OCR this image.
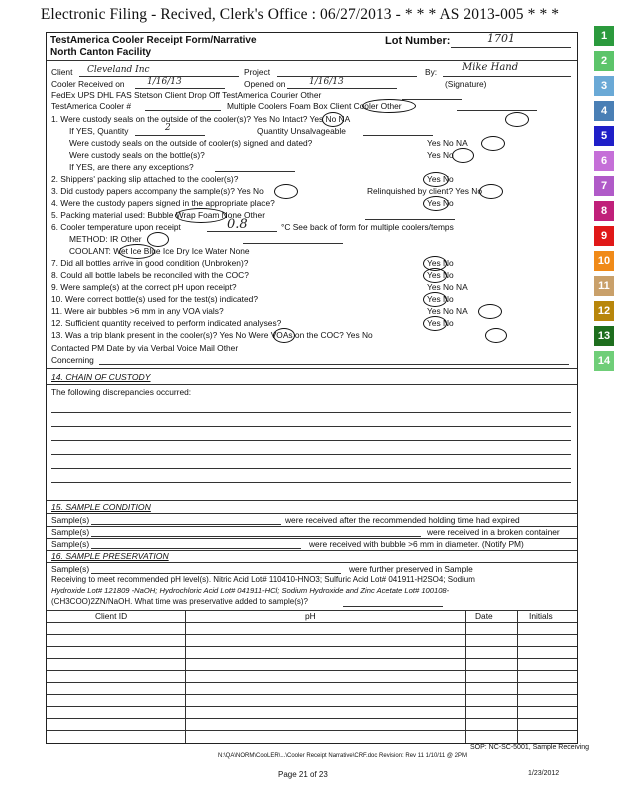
Electronic Filing - Recived, Clerk's Office : 06/27/2013 - * * * AS 2013-005 * * *
TestAmerica Cooler Receipt Form/Narrative
North Canton Facility
Lot Number:	1701
Client Cleveland Inc	Project	By: Mike Hand
Cooler Received on 1/16/13	Opened on	1/16/13	(Signature)
FedEx UPS DHL FAS Stetson Client Drop Off TestAmerica Courier Other
TestAmerica Cooler #	Multiple Coolers Foam Box Client Cooler Other
1. Were custody seals on the outside of the cooler(s)? Yes No Intact? Yes No NA
If YES, Quantity	2	Quantity Unsalvageable
Were custody seals on the outside of cooler(s) signed and dated?	Yes No NA
Were custody seals on the bottle(s)?	Yes No
If YES, are there any exceptions?
2. Shippers' packing slip attached to the cooler(s)?	Yes No
3. Did custody papers accompany the sample(s)? Yes No	Relinquished by client? Yes No
4. Were the custody papers signed in the appropriate place?	Yes No
5. Packing material used: Bubble Wrap Foam None Other
6. Cooler temperature upon receipt	0.8	°C See back of form for multiple coolers/temps
METHOD: IR Other
COOLANT: Wet Ice Blue Ice Dry Ice Water None
7. Did all bottles arrive in good condition (Unbroken)?	Yes No
8. Could all bottle labels be reconciled with the COC?	Yes No
9. Were sample(s) at the correct pH upon receipt?	Yes No NA
10. Were correct bottle(s) used for the test(s) indicated?	Yes No
11. Were air bubbles >6 mm in any VOA vials?	Yes No NA
12. Sufficient quantity received to perform indicated analyses?	Yes No
13. Was a trip blank present in the cooler(s)? Yes No Were VOAs on the COC? Yes No
Contacted PM Date by via Verbal Voice Mail Other
Concerning
14. CHAIN OF CUSTODY
The following discrepancies occurred:
15. SAMPLE CONDITION
Sample(s)	were received after the recommended holding time had expired
Sample(s)	were received in a broken container
Sample(s)	were received with bubble >6 mm in diameter. (Notify PM)
16. SAMPLE PRESERVATION
Sample(s)	were further preserved in Sample
Receiving to meet recommended pH level(s). Nitric Acid Lot# 110410-HNO3; Sulfuric Acid Lot# 041911-H2SO4; Sodium
Hydroxide Lot# 121809 -NaOH; Hydrochloric Acid Lot# 041911-HCl; Sodium Hydroxide and Zinc Acetate Lot# 100108-
(CH3COO)2ZN/NaOH. What time was preservative added to sample(s)?
Client ID	pH	Date	Initials
SOP: NC-SC-5001, Sample Receiving
N:\QA\NORM\CooLER\...\Cooler Receipt Narrative\CRF.doc Revision: Rev 11 1/10/11 @ 2PM
Page 21 of 23	1/23/2012
1
2
3
4
5
6
7
8
9
10
11
12
13
14
